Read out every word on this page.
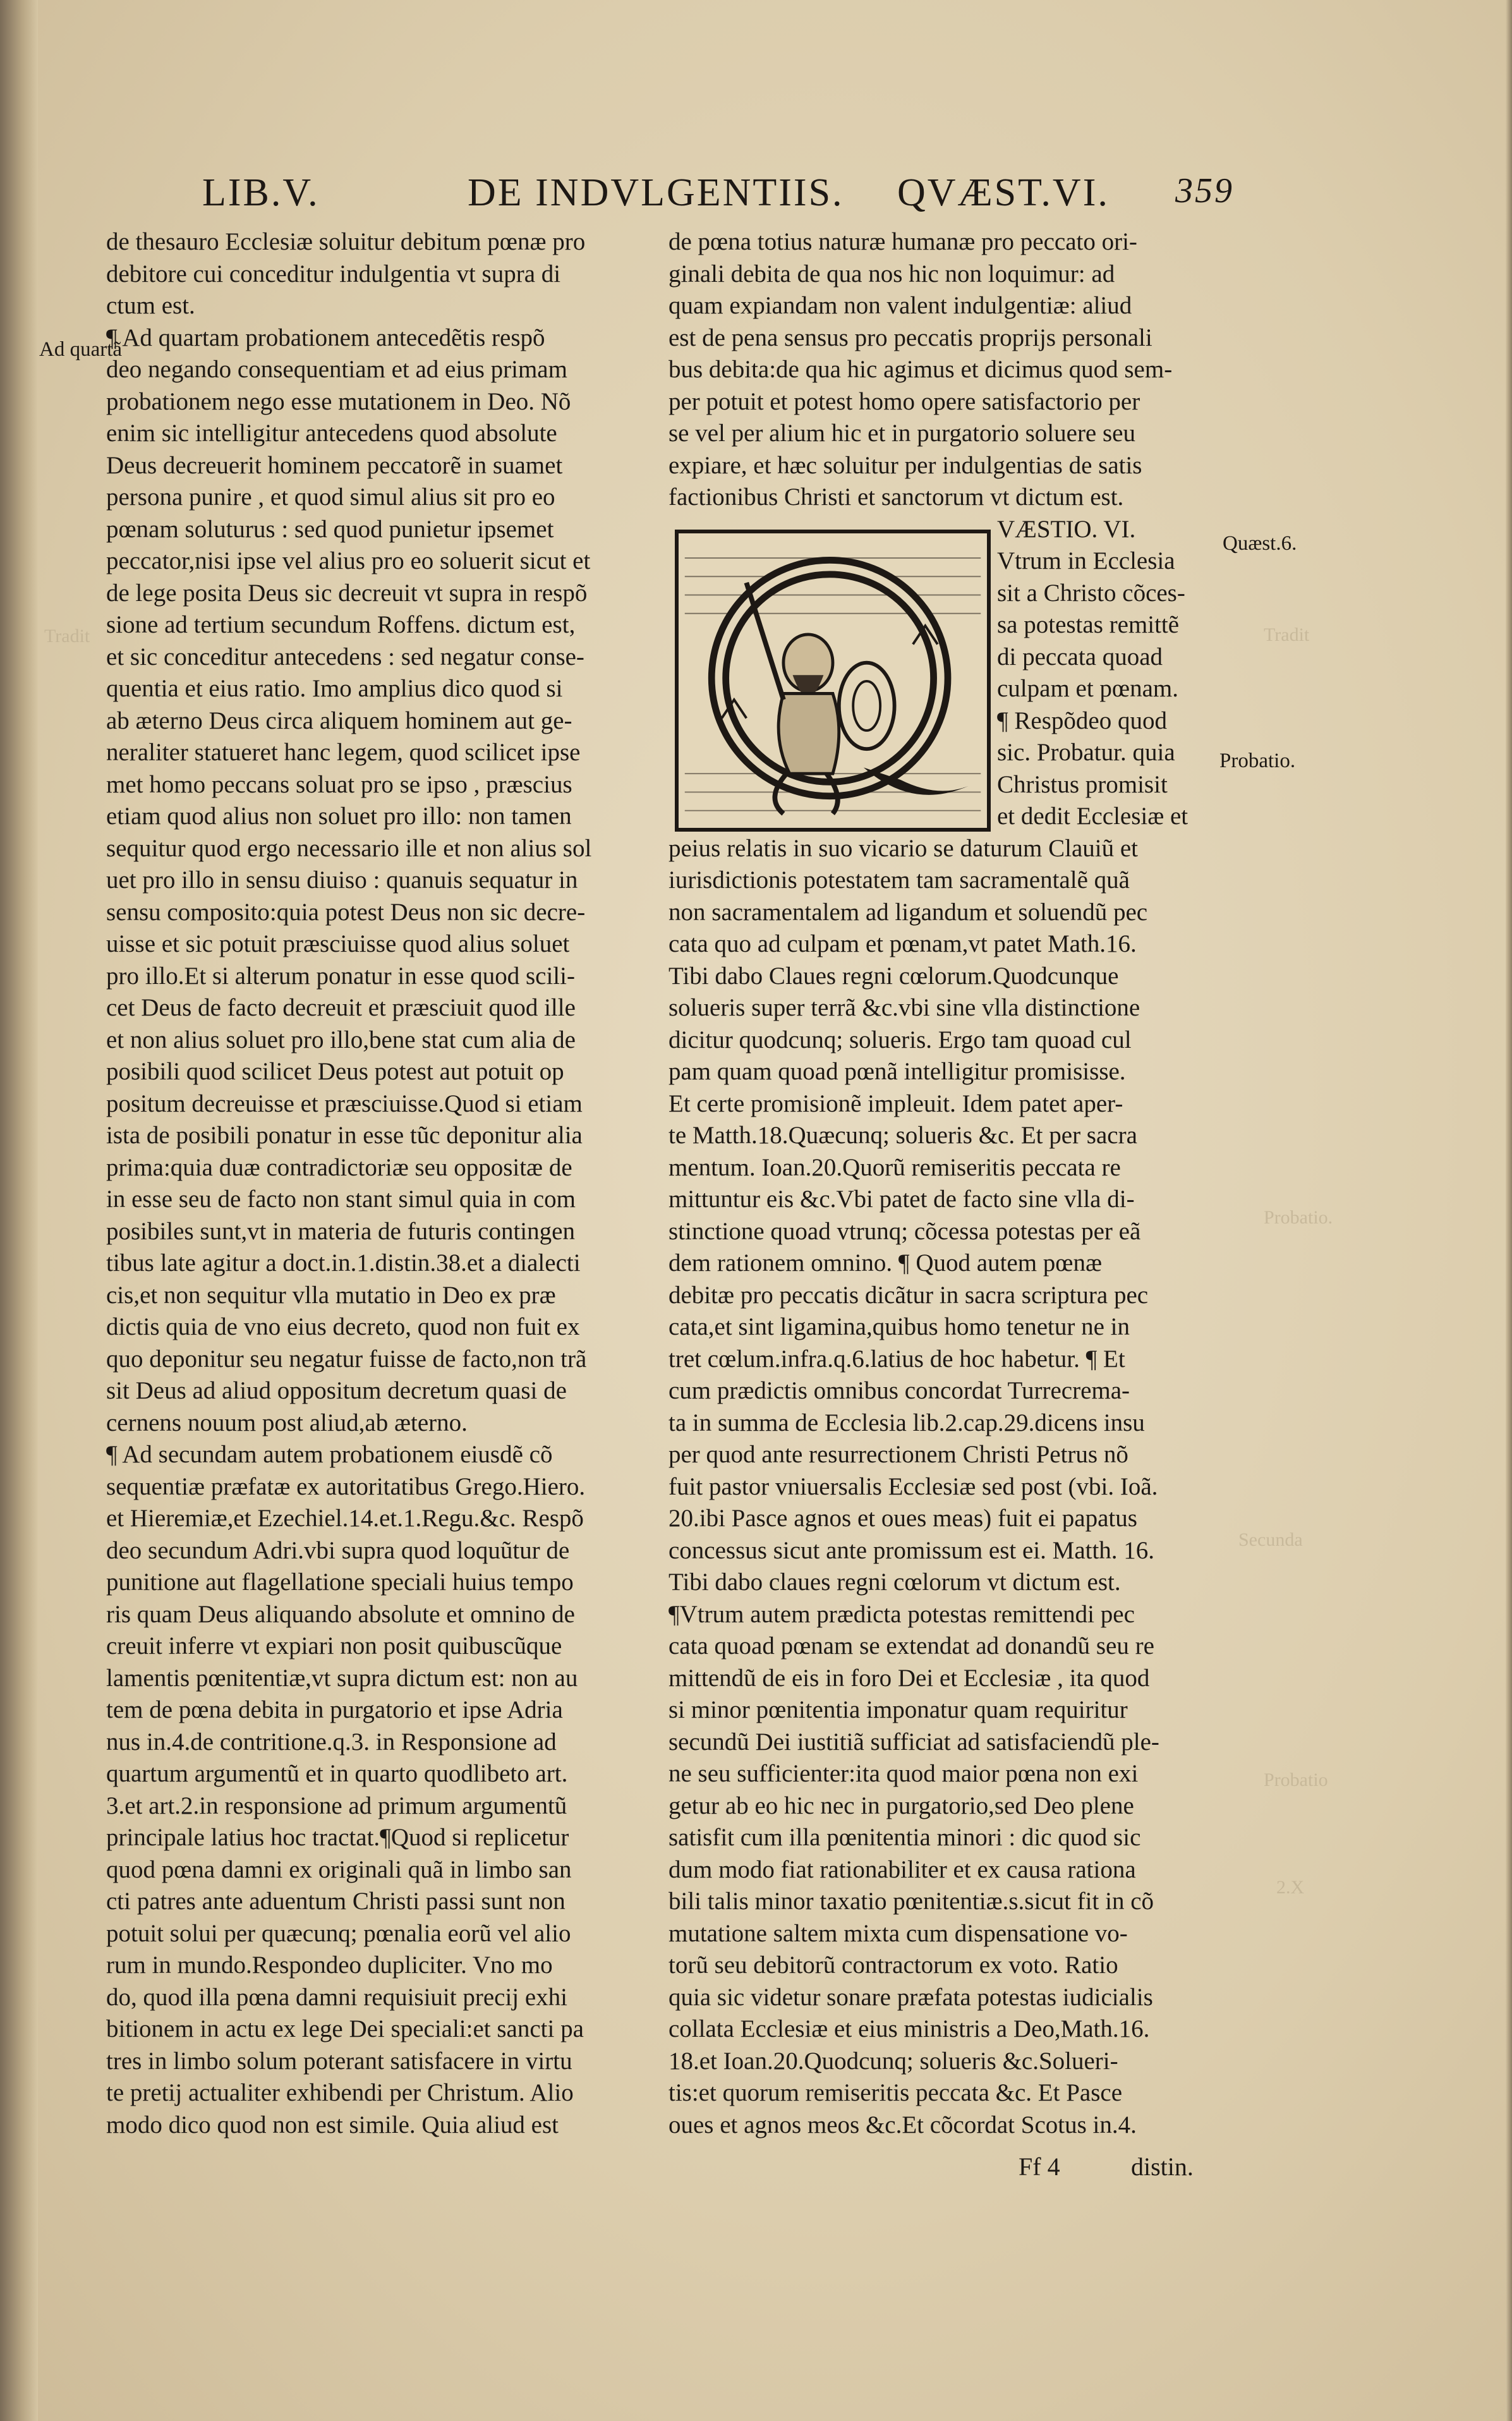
LIB.V.	DE INDVLGENTIIS. QVÆST.VI. 359
Ad quartã
Quæst.6.
Probatio.
Tradit
Probatio.
Secunda
Probatio
2.X
Tradit
de thesauro Ecclesiæ soluitur debitum pœnæ pro
debitore cui conceditur indulgentia vt supra di
ctum est.
¶ Ad quartam probationem antecedẽtis respõ
deo negando consequentiam et ad eius primam
probationem nego esse mutationem in Deo. Nõ
enim sic intelligitur antecedens quod absolute
Deus decreuerit hominem peccatorẽ in suamet
persona punire , et quod simul alius sit pro eo
pœnam soluturus : sed quod punietur ipsemet
peccator,nisi ipse vel alius pro eo soluerit sicut et
de lege posita Deus sic decreuit vt supra in respõ
sione ad tertium secundum Roffens. dictum est,
et sic conceditur antecedens : sed negatur conse-
quentia et eius ratio. Imo amplius dico quod si
ab æterno Deus circa aliquem hominem aut ge-
neraliter statueret hanc legem, quod scilicet ipse
met homo peccans soluat pro se ipso , præscius
etiam quod alius non soluet pro illo: non tamen
sequitur quod ergo necessario ille et non alius sol
uet pro illo in sensu diuiso : quanuis sequatur in
sensu composito:quia potest Deus non sic decre-
uisse et sic potuit præsciuisse quod alius soluet
pro illo.Et si alterum ponatur in esse quod scili-
cet Deus de facto decreuit et præsciuit quod ille
et non alius soluet pro illo,bene stat cum alia de
posibili quod scilicet Deus potest aut potuit op
positum decreuisse et præsciuisse.Quod si etiam
ista de posibili ponatur in esse tũc deponitur alia
prima:quia duæ contradictoriæ seu oppositæ de
in esse seu de facto non stant simul quia in com
posibiles sunt,vt in materia de futuris contingen
tibus late agitur a doct.in.1.distin.38.et a dialecti
cis,et non sequitur vlla mutatio in Deo ex præ
dictis quia de vno eius decreto, quod non fuit ex
quo deponitur seu negatur fuisse de facto,non trã
sit Deus ad aliud oppositum decretum quasi de
cernens nouum post aliud,ab æterno.
¶ Ad secundam autem probationem eiusdẽ cõ
sequentiæ præfatæ ex autoritatibus Grego.Hiero.
et Hieremiæ,et Ezechiel.14.et.1.Regu.&c. Respõ
deo secundum Adri.vbi supra quod loquũtur de
punitione aut flagellatione speciali huius tempo
ris quam Deus aliquando absolute et omnino de
creuit inferre vt expiari non posit quibuscũque
lamentis pœnitentiæ,vt supra dictum est: non au
tem de pœna debita in purgatorio et ipse Adria
nus in.4.de contritione.q.3. in Responsione ad
quartum argumentũ et in quarto quodlibeto art.
3.et art.2.in responsione ad primum argumentũ
principale latius hoc tractat.¶Quod si replicetur
quod pœna damni ex originali quã in limbo san
cti patres ante aduentum Christi passi sunt non
potuit solui per quæcunq; pœnalia eorũ vel alio
rum in mundo.Respondeo dupliciter. Vno mo
do, quod illa pœna damni requisiuit precij exhi
bitionem in actu ex lege Dei speciali:et sancti pa
tres in limbo solum poterant satisfacere in virtu
te pretij actualiter exhibendi per Christum. Alio
modo dico quod non est simile. Quia aliud est
de pœna totius naturæ humanæ pro peccato ori-
ginali debita de qua nos hic non loquimur: ad
quam expiandam non valent indulgentiæ: aliud
est de pena sensus pro peccatis proprijs personali
bus debita:de qua hic agimus et dicimus quod sem-
per potuit et potest homo opere satisfactorio per
se vel per alium hic et in purgatorio soluere seu
expiare, et hæc soluitur per indulgentias de satis
factionibus Christi et sanctorum vt dictum est.
VÆSTIO. VI.
Vtrum in Ecclesia
sit a Christo cõces-
sa potestas remittẽ
di peccata quoad
culpam et pœnam.
¶ Respõdeo quod
sic. Probatur. quia
Christus promisit
et dedit Ecclesiæ et
peius relatis in suo vicario se daturum Clauiũ et
iurisdictionis potestatem tam sacramentalẽ quã
non sacramentalem ad ligandum et soluendũ pec
cata quo ad culpam et pœnam,vt patet Math.16.
Tibi dabo Claues regni cœlorum.Quodcunque
solueris super terrã &c.vbi sine vlla distinctione
dicitur quodcunq; solueris. Ergo tam quoad cul
pam quam quoad pœnã intelligitur promisisse.
Et certe promisionẽ impleuit. Idem patet aper-
te Matth.18.Quæcunq; solueris &c. Et per sacra
mentum. Ioan.20.Quorũ remiseritis peccata re
mittuntur eis &c.Vbi patet de facto sine vlla di-
stinctione quoad vtrunq; cõcessa potestas per eã
dem rationem omnino. ¶ Quod autem pœnæ
debitæ pro peccatis dicãtur in sacra scriptura pec
cata,et sint ligamina,quibus homo tenetur ne in
tret cœlum.infra.q.6.latius de hoc habetur. ¶ Et
cum prædictis omnibus concordat Turrecrema-
ta in summa de Ecclesia lib.2.cap.29.dicens insu
per quod ante resurrectionem Christi Petrus nõ
fuit pastor vniuersalis Ecclesiæ sed post (vbi. Ioã.
20.ibi Pasce agnos et oues meas) fuit ei papatus
concessus sicut ante promissum est ei. Matth. 16.
Tibi dabo claues regni cœlorum vt dictum est.
¶Vtrum autem prædicta potestas remittendi pec
cata quoad pœnam se extendat ad donandũ seu re
mittendũ de eis in foro Dei et Ecclesiæ , ita quod
si minor pœnitentia imponatur quam requiritur
secundũ Dei iustitiã sufficiat ad satisfaciendũ ple-
ne seu sufficienter:ita quod maior pœna non exi
getur ab eo hic nec in purgatorio,sed Deo plene
satisfit cum illa pœnitentia minori : dic quod sic
dum modo fiat rationabiliter et ex causa rationa
bili talis minor taxatio pœnitentiæ.s.sicut fit in cõ
mutatione saltem mixta cum dispensatione vo-
torũ seu debitorũ contractorum ex voto. Ratio
quia sic videtur sonare præfata potestas iudicialis
collata Ecclesiæ et eius ministris a Deo,Math.16.
18.et Ioan.20.Quodcunq; solueris &c.Solueri-
tis:et quorum remiseritis peccata &c. Et Pasce
oues et agnos meos &c.Et cõcordat Scotus in.4.
Ff 4	distin.
